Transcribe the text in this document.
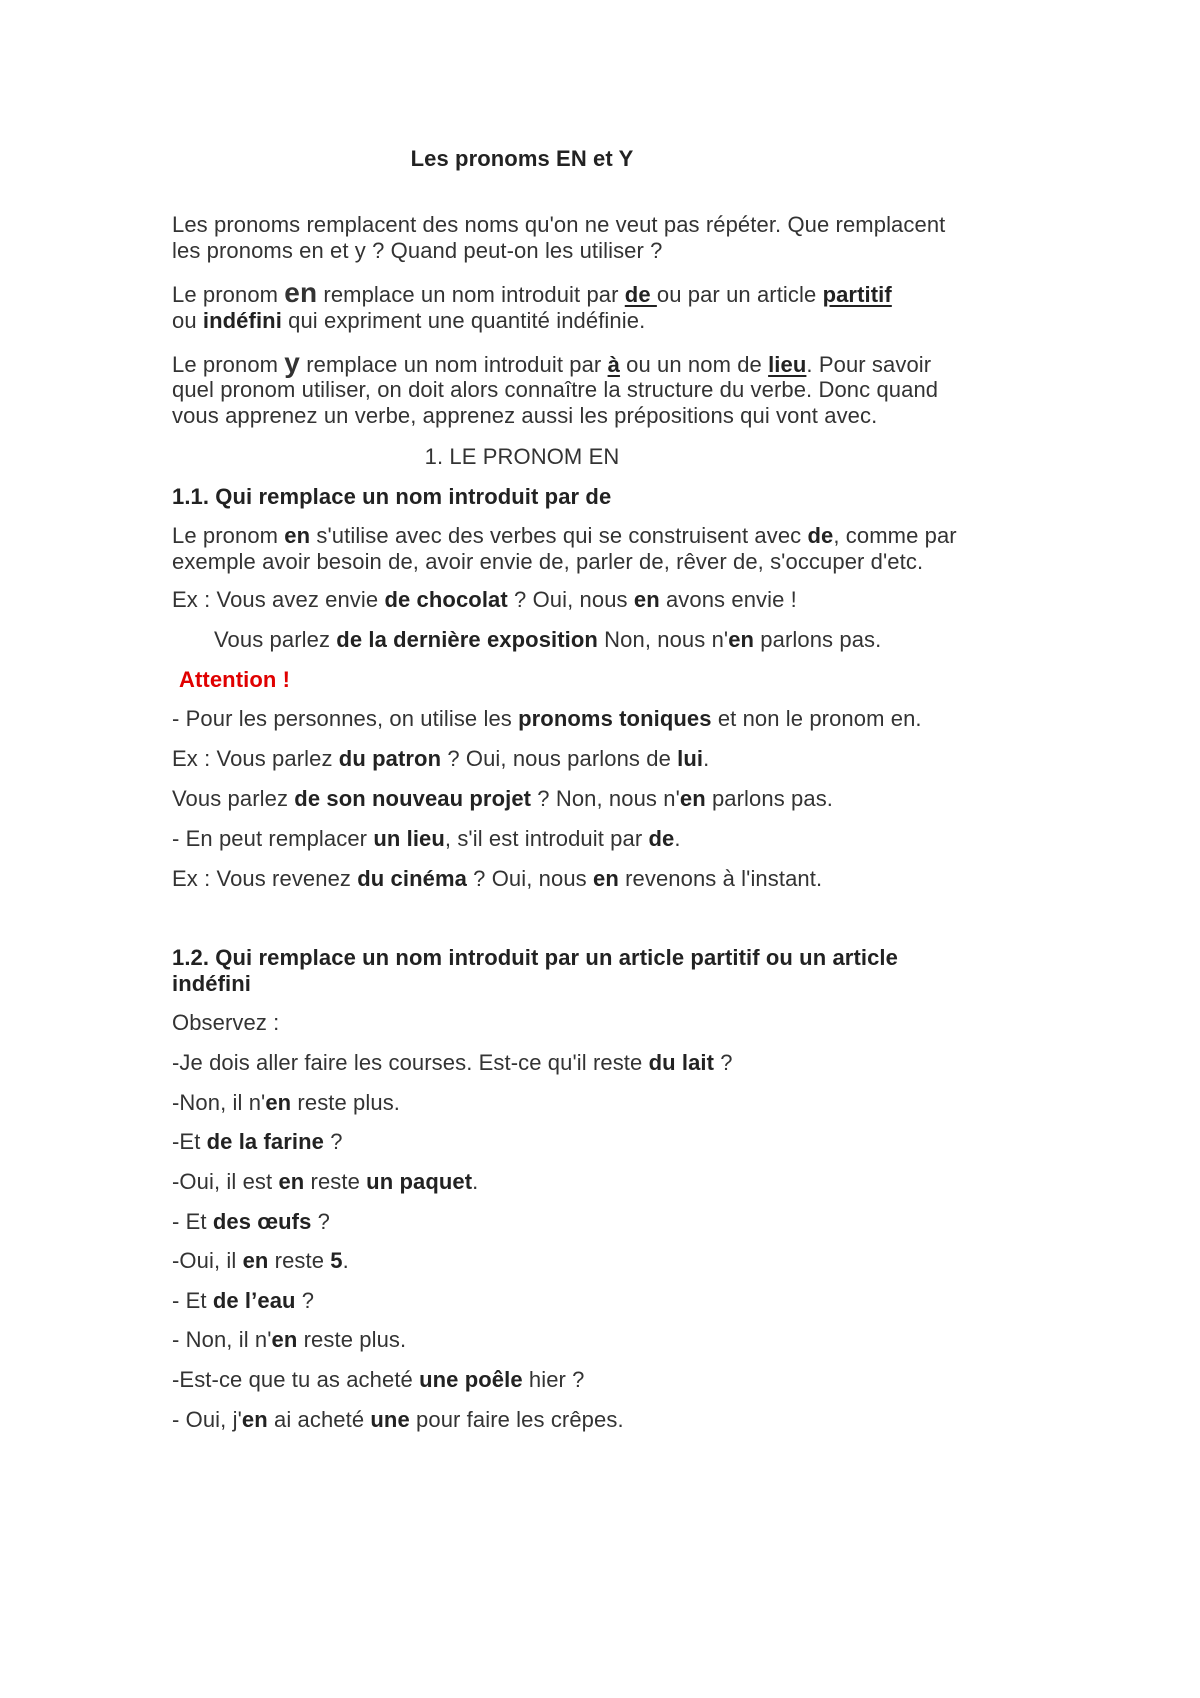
Les pronoms EN et Y
Les pronoms remplacent des noms qu'on ne veut pas répéter. Que remplacent
les pronoms en et y ? Quand peut-on les utiliser ?
Le pronom en remplace un nom introduit par de ou par un article partitif
ou indéfini qui expriment une quantité indéfinie.
Le pronom y remplace un nom introduit par à ou un nom de lieu. Pour savoir
quel pronom utiliser, on doit alors connaître la structure du verbe. Donc quand
vous apprenez un verbe, apprenez aussi les prépositions qui vont avec.
1. LE PRONOM EN
1.1. Qui remplace un nom introduit par de
Le pronom en s'utilise avec des verbes qui se construisent avec de, comme par
exemple avoir besoin de, avoir envie de, parler de, rêver de, s'occuper d'etc.
Ex : Vous avez envie de chocolat ? Oui, nous en avons envie !
Vous parlez de la dernière exposition Non, nous n'en parlons pas.
Attention !
- Pour les personnes, on utilise les pronoms toniques et non le pronom en.
Ex : Vous parlez du patron ? Oui, nous parlons de lui.
Vous parlez de son nouveau projet ? Non, nous n'en parlons pas.
- En peut remplacer un lieu, s'il est introduit par de.
Ex : Vous revenez du cinéma ? Oui, nous en revenons à l'instant.
1.2. Qui remplace un nom introduit par un article partitif ou un article
indéfini
Observez :
-Je dois aller faire les courses. Est-ce qu'il reste du lait ?
-Non, il n'en reste plus.
-Et de la farine ?
-Oui, il est en reste un paquet.
- Et des œufs ?
-Oui, il en reste 5.
- Et de l’eau ?
- Non, il n'en reste plus.
-Est-ce que tu as acheté une poêle hier ?
- Oui, j'en ai acheté une pour faire les crêpes.
